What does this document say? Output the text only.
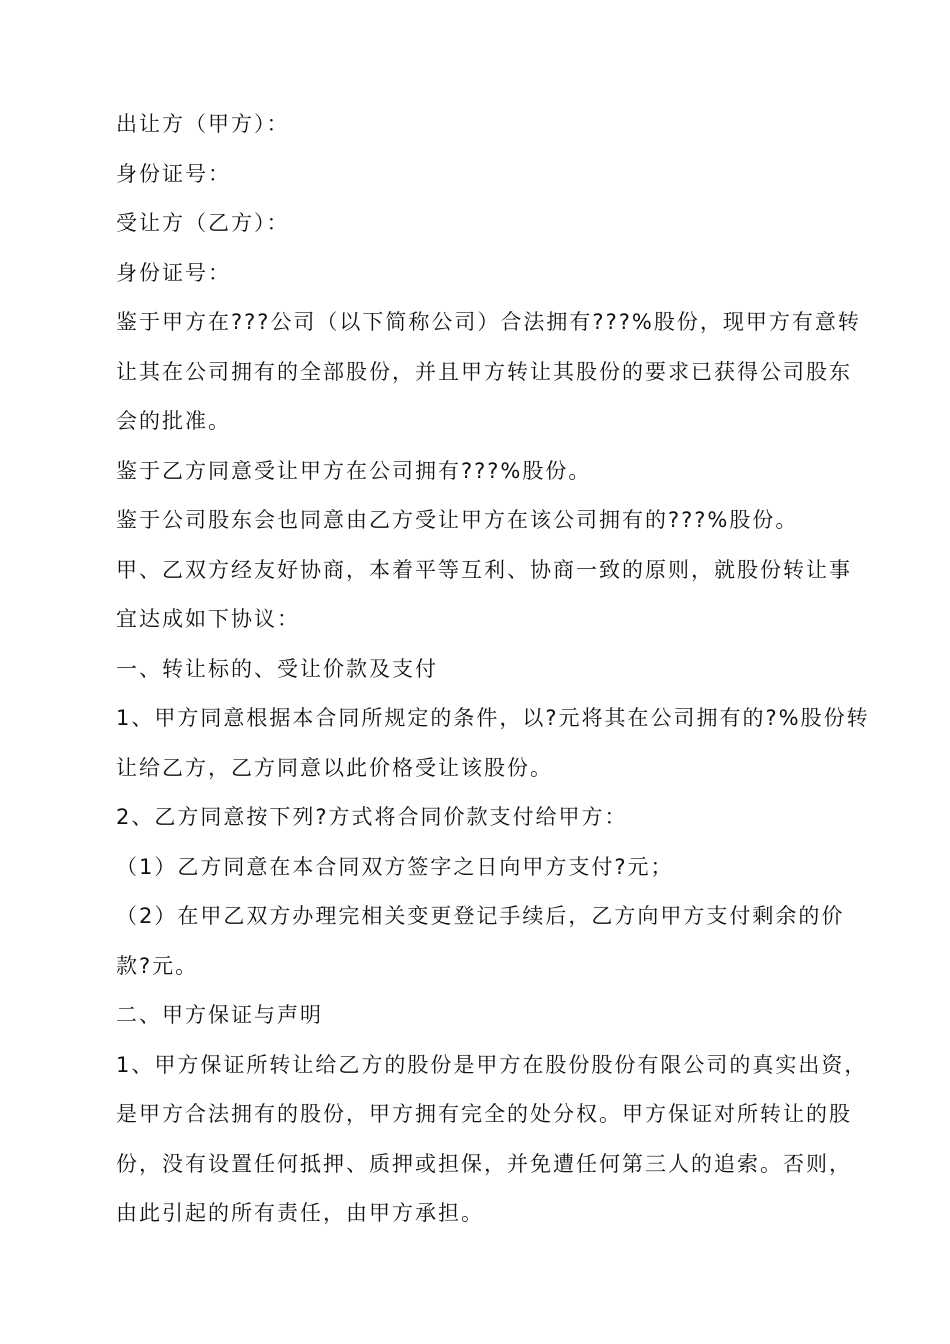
出让方（甲方）：
身份证号：
受让方（乙方）：
身份证号：
鉴于甲方在???公司（以下简称公司）合法拥有???%股份，现甲方有意转
让其在公司拥有的全部股份，并且甲方转让其股份的要求已获得公司股东
会的批准。
鉴于乙方同意受让甲方在公司拥有???%股份。
鉴于公司股东会也同意由乙方受让甲方在该公司拥有的???%股份。
甲、乙双方经友好协商，本着平等互利、协商一致的原则，就股份转让事
宜达成如下协议：
一、转让标的、受让价款及支付
1、甲方同意根据本合同所规定的条件，以?元将其在公司拥有的?%股份转
让给乙方，乙方同意以此价格受让该股份。
2、乙方同意按下列?方式将合同价款支付给甲方：
（1）乙方同意在本合同双方签字之日向甲方支付?元；
（2）在甲乙双方办理完相关变更登记手续后，乙方向甲方支付剩余的价
款?元。
二、甲方保证与声明
1、甲方保证所转让给乙方的股份是甲方在股份股份有限公司的真实出资，
是甲方合法拥有的股份，甲方拥有完全的处分权。甲方保证对所转让的股
份，没有设置任何抵押、质押或担保，并免遭任何第三人的追索。否则，
由此引起的所有责任，由甲方承担。
